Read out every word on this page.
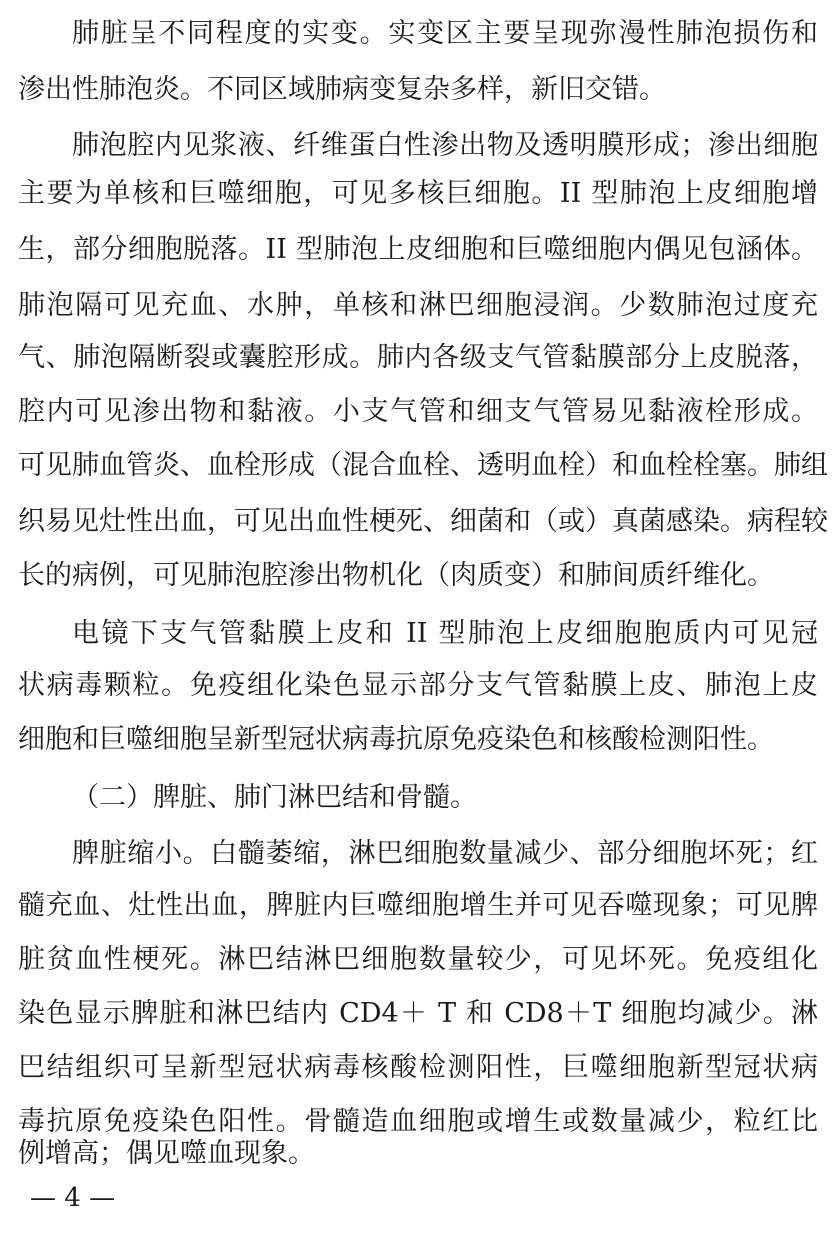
肺脏呈不同程度的实变。实变区主要呈现弥漫性肺泡损伤和
渗出性肺泡炎。不同区域肺病变复杂多样，新旧交错。
肺泡腔内见浆液、纤维蛋白性渗出物及透明膜形成；渗出细胞
主要为单核和巨噬细胞，可见多核巨细胞。II 型肺泡上皮细胞增
生，部分细胞脱落。II 型肺泡上皮细胞和巨噬细胞内偶见包涵体。
肺泡隔可见充血、水肿，单核和淋巴细胞浸润。少数肺泡过度充
气、肺泡隔断裂或囊腔形成。肺内各级支气管黏膜部分上皮脱落，
腔内可见渗出物和黏液。小支气管和细支气管易见黏液栓形成。
可见肺血管炎、血栓形成（混合血栓、透明血栓）和血栓栓塞。肺组
织易见灶性出血，可见出血性梗死、细菌和（或）真菌感染。病程较
长的病例，可见肺泡腔渗出物机化（肉质变）和肺间质纤维化。
电镜下支气管黏膜上皮和 II 型肺泡上皮细胞胞质内可见冠
状病毒颗粒。免疫组化染色显示部分支气管黏膜上皮、肺泡上皮
细胞和巨噬细胞呈新型冠状病毒抗原免疫染色和核酸检测阳性。
（二）脾脏、肺门淋巴结和骨髓。
脾脏缩小。白髓萎缩，淋巴细胞数量减少、部分细胞坏死；红
髓充血、灶性出血，脾脏内巨噬细胞增生并可见吞噬现象；可见脾
脏贫血性梗死。淋巴结淋巴细胞数量较少，可见坏死。免疫组化
染色显示脾脏和淋巴结内 CD4＋ T 和 CD8＋T 细胞均减少。淋
巴结组织可呈新型冠状病毒核酸检测阳性，巨噬细胞新型冠状病
毒抗原免疫染色阳性。骨髓造血细胞或增生或数量减少，粒红比
例增高；偶见噬血现象。
— 4 —
